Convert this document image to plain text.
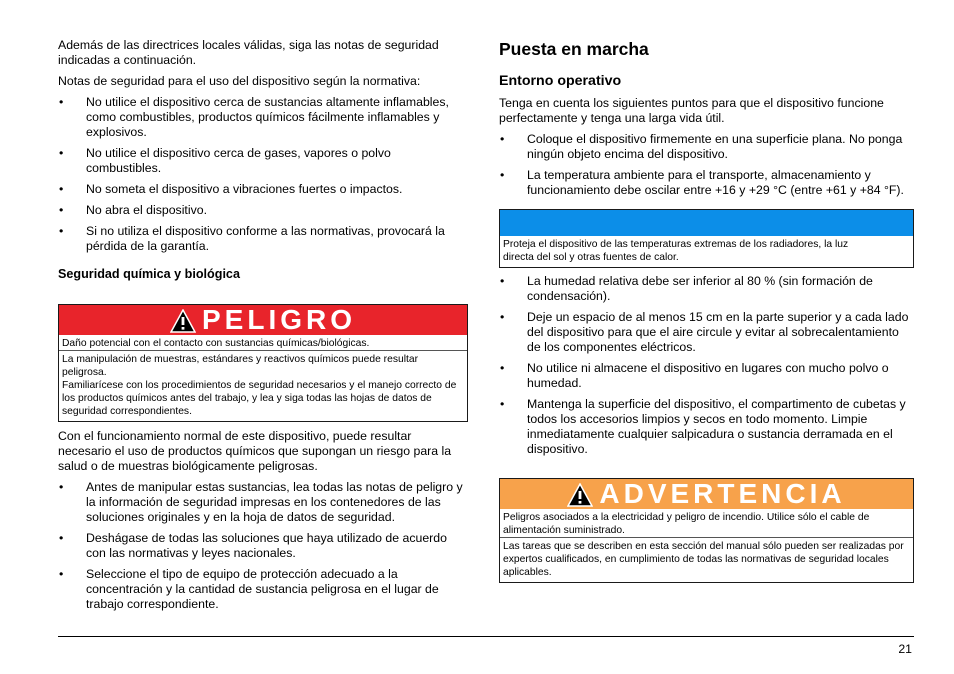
Además de las directrices locales válidas, siga las notas de seguridad indicadas a continuación.

Notas de seguridad para el uso del dispositivo según la normativa:

• No utilice el dispositivo cerca de sustancias altamente inflamables, como combustibles, productos químicos fácilmente inflamables y explosivos.
• No utilice el dispositivo cerca de gases, vapores o polvo combustibles.
• No someta el dispositivo a vibraciones fuertes o impactos.
• No abra el dispositivo.
• Si no utiliza el dispositivo conforme a las normativas, provocará la pérdida de la garantía.
Seguridad química y biológica
PELIGRO

Daño potencial con el contacto con sustancias químicas/biológicas.

La manipulación de muestras, estándares y reactivos químicos puede resultar peligrosa.

Familiarícese con los procedimientos de seguridad necesarios y el manejo correcto de los productos químicos antes del trabajo, y lea y siga todas las hojas de datos de seguridad correspondientes.

Con el funcionamiento normal de este dispositivo, puede resultar necesario el uso de productos químicos que supongan un riesgo para la salud o de muestras biológicamente peligrosas.

• Antes de manipular estas sustancias, lea todas las notas de peligro y la información de seguridad impresas en los contenedores de las soluciones originales y en la hoja de datos de seguridad.
• Deshágase de todas las soluciones que haya utilizado de acuerdo con las normativas y leyes nacionales.
• Seleccione el tipo de equipo de protección adecuado a la concentración y la cantidad de sustancia peligrosa en el lugar de trabajo correspondiente.
Puesta en marcha
Entorno operativo

Tenga en cuenta los siguientes puntos para que el dispositivo funcione perfectamente y tenga una larga vida útil.

• Coloque el dispositivo firmemente en una superficie plana. No ponga ningún objeto encima del dispositivo.
• La temperatura ambiente para el transporte, almacenamiento y funcionamiento debe oscilar entre +16 y +29 °C (entre +61 y +84 °F).

Proteja el dispositivo de las temperaturas extremas de los radiadores, la luz directa del sol y otras fuentes de calor.

• La humedad relativa debe ser inferior al 80 % (sin formación de condensación).
• Deje un espacio de al menos 15 cm en la parte superior y a cada lado del dispositivo para que el aire circule y evitar al sobrecalentamiento de los componentes eléctricos.
• No utilice ni almacene el dispositivo en lugares con mucho polvo o humedad.
• Mantenga la superficie del dispositivo, el compartimento de cubetas y todos los accesorios limpios y secos en todo momento. Limpie inmediatamente cualquier salpicadura o sustancia derramada en el dispositivo.
ADVERTENCIA

Peligros asociados a la electricidad y peligro de incendio. Utilice sólo el cable de alimentación suministrado.

Las tareas que se describen en esta sección del manual sólo pueden ser realizadas por expertos cualificados, en cumplimiento de todas las normativas de seguridad locales aplicables.

21
